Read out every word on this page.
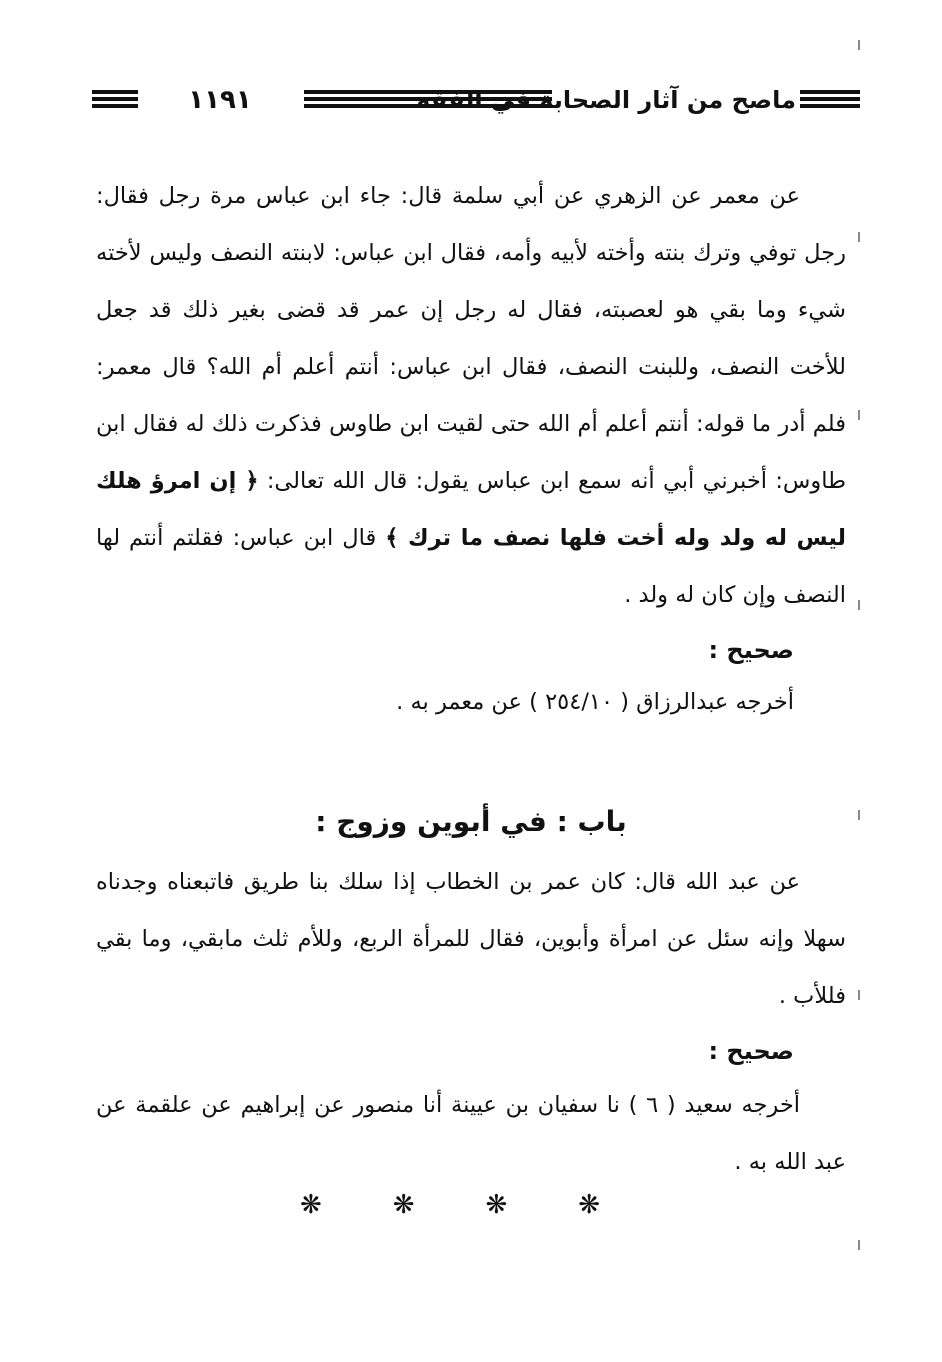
١١٩١	ماصح من آثار الصحابة في الفقه

عن معمر عن الزهري عن أبي سلمة قال: جاء ابن عباس مرة رجل فقال: رجل توفي وترك بنته وأخته لأبيه وأمه، فقال ابن عباس: لابنته النصف وليس لأخته شيء وما بقي هو لعصبته، فقال له رجل إن عمر قد قضى بغير ذلك قد جعل للأخت النصف، وللبنت النصف، فقال ابن عباس: أنتم أعلم أم الله؟ قال معمر: فلم أدر ما قوله: أنتم أعلم أم الله حتى لقيت ابن طاوس فذكرت ذلك له فقال ابن طاوس: أخبرني أبي أنه سمع ابن عباس يقول: قال الله تعالى: ﴿ إن امرؤ هلك ليس له ولد وله أخت فلها نصف ما ترك ﴾ قال ابن عباس: فقلتم أنتم لها النصف وإن كان له ولد .

صحيح :

أخرجه عبدالرزاق ( ٢٥٤/١٠ ) عن معمر به .

باب : في أبوين وزوج :

عن عبد الله قال: كان عمر بن الخطاب إذا سلك بنا طريق فاتبعناه وجدناه سهلا وإنه سئل عن امرأة وأبوين، فقال للمرأة الربع، وللأم ثلث مابقي، وما بقي فللأب .

صحيح :

أخرجه سعيد ( ٦ ) نا سفيان بن عيينة أنا منصور عن إبراهيم عن علقمة عن عبد الله به .

❋	❋	❋	❋
